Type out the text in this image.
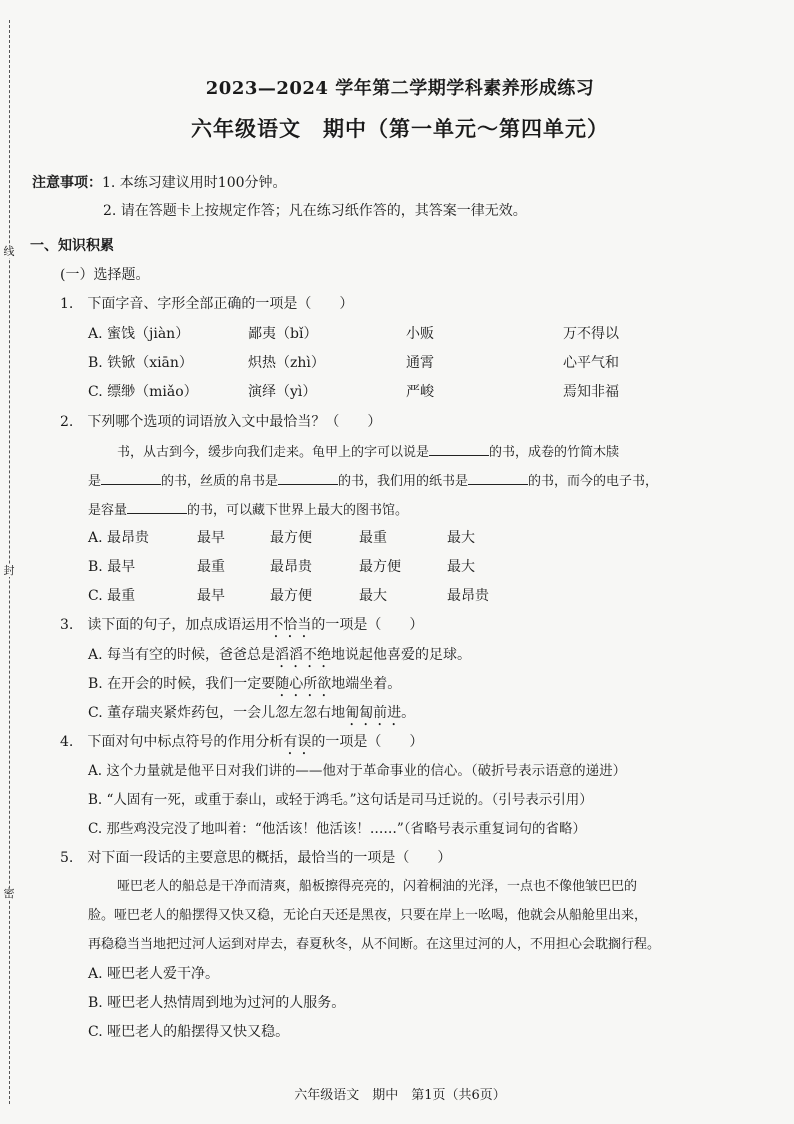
线
封
密
2023—2024 学年第二学期学科素养形成练习
六年级语文　期中（第一单元～第四单元）
注意事项：1. 本练习建议用时100分钟。
2. 请在答题卡上按规定作答；凡在练习纸作答的，其答案一律无效。
一、知识积累
(一）选择题。
1.　下面字音、字形全部正确的一项是（　　）
A. 蜜饯（jiàn）	鄙夷（bǐ）	小贩	万不得以
B. 铁锨（xiān）	炽热（zhì）	通霄	心平气和
C. 缥缈（miǎo）	演绎（yì）	严峻	焉知非福
2.　下列哪个选项的词语放入文中最恰当？（　　）
书，从古到今，缓步向我们走来。龟甲上的字可以说是	的书，成卷的竹简木牍
是	的书，丝质的帛书是	的书，我们用的纸书是	的书，而今的电子书，
是容量	的书，可以藏下世界上最大的图书馆。
A. 最昂贵	最早	最方便	最重	最大
B. 最早	最重	最昂贵	最方便	最大
C. 最重	最早	最方便	最大	最昂贵
3.　读下面的句子，加点成语运用不恰当的一项是（　　）
A. 每当有空的时候，爸爸总是滔滔不绝地说起他喜爱的足球。
B. 在开会的时候，我们一定要随心所欲地端坐着。
C. 董存瑞夹紧炸药包，一会儿忽左忽右地匍匐前进。
4.　下面对句中标点符号的作用分析有误的一项是（　　）
A. 这个力量就是他平日对我们讲的——他对于革命事业的信心。（破折号表示语意的递进）
B. “人固有一死，或重于泰山，或轻于鸿毛。”这句话是司马迁说的。（引号表示引用）
C. 那些鸡没完没了地叫着：“他活该！他活该！……”（省略号表示重复词句的省略）
5.　对下面一段话的主要意思的概括，最恰当的一项是（　　）
哑巴老人的船总是干净而清爽，船板擦得亮亮的，闪着桐油的光泽，一点也不像他皱巴巴的
脸。哑巴老人的船摆得又快又稳，无论白天还是黑夜，只要在岸上一吆喝，他就会从船舱里出来，
再稳稳当当地把过河人运到对岸去，春夏秋冬，从不间断。在这里过河的人，不用担心会耽搁行程。
A. 哑巴老人爱干净。
B. 哑巴老人热情周到地为过河的人服务。
C. 哑巴老人的船摆得又快又稳。
六年级语文　期中　第1页（共6页）
